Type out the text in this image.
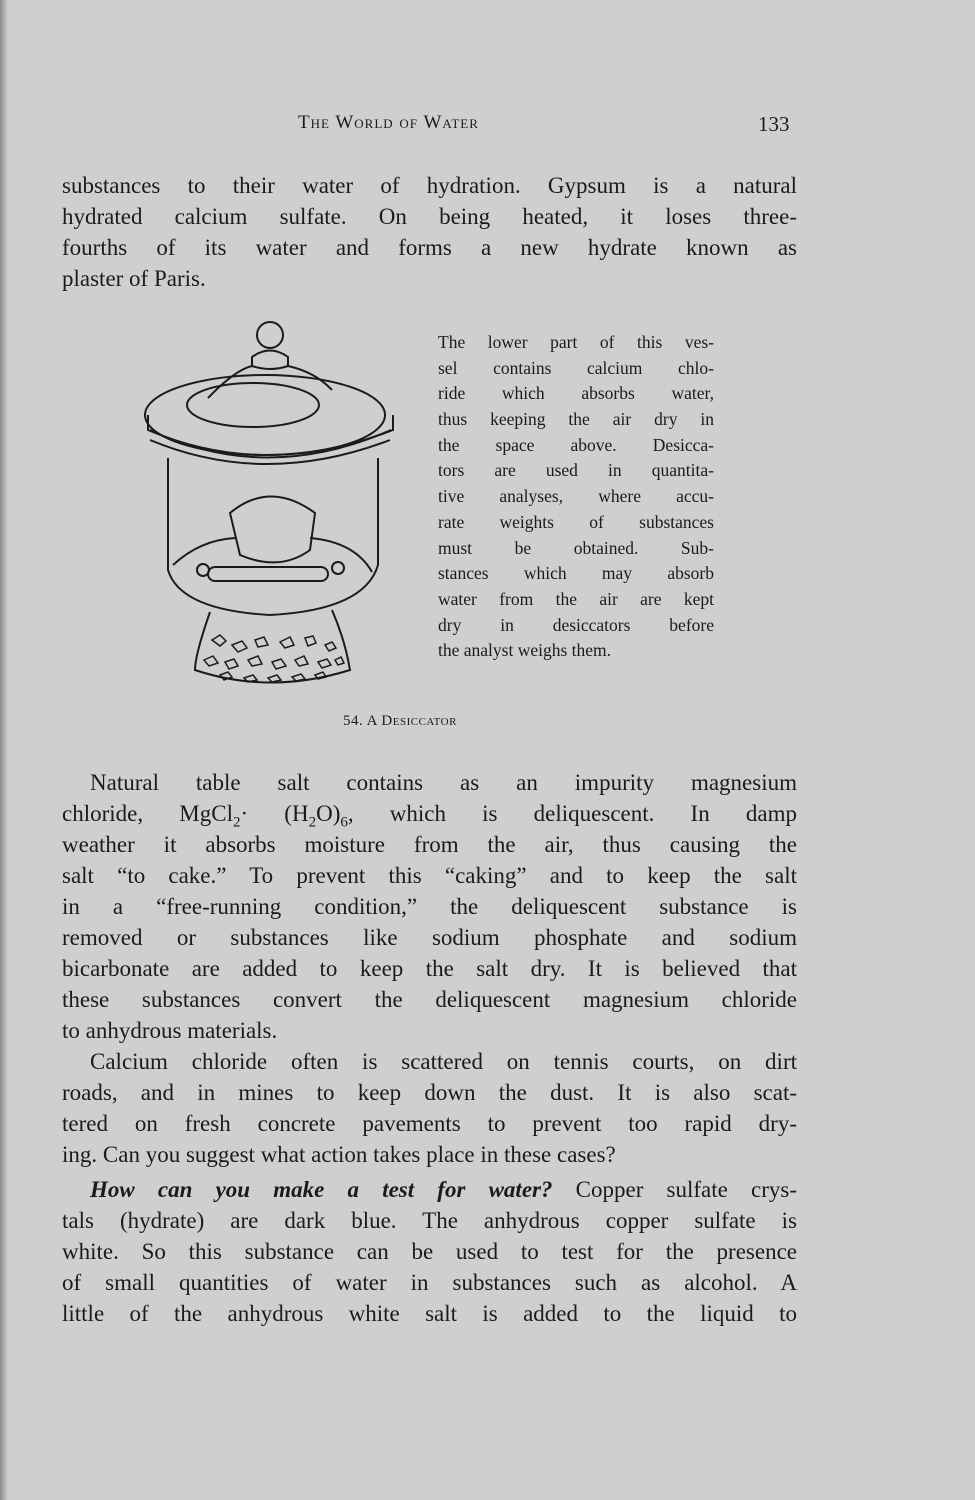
The World of Water	133
substances to their water of hydration. Gypsum is a natural
hydrated calcium sulfate. On being heated, it loses three-
fourths of its water and forms a new hydrate known as
plaster of Paris.
The lower part of this ves-
sel contains calcium chlo-
ride which absorbs water,
thus keeping the air dry in
the space above. Desicca-
tors are used in quantita-
tive analyses, where accu-
rate weights of substances
must be obtained. Sub-
stances which may absorb
water from the air are kept
dry in desiccators before
the analyst weighs them.
54. A Desiccator
Natural table salt contains as an impurity magnesium
chloride, MgCl$_2$· $(H_2O)_6$, which is deliquescent. In damp
weather it absorbs moisture from the air, thus causing the
salt “to cake.” To prevent this “caking” and to keep the salt
in a “free-running condition,” the deliquescent substance is
removed or substances like sodium phosphate and sodium
bicarbonate are added to keep the salt dry. It is believed that
these substances convert the deliquescent magnesium chloride
to anhydrous materials.
Calcium chloride often is scattered on tennis courts, on dirt
roads, and in mines to keep down the dust. It is also scat-
tered on fresh concrete pavements to prevent too rapid dry-
ing. Can you suggest what action takes place in these cases?
How can you make a test for water? Copper sulfate crys-
tals (hydrate) are dark blue. The anhydrous copper sulfate is
white. So this substance can be used to test for the presence
of small quantities of water in substances such as alcohol. A
little of the anhydrous white salt is added to the liquid to
